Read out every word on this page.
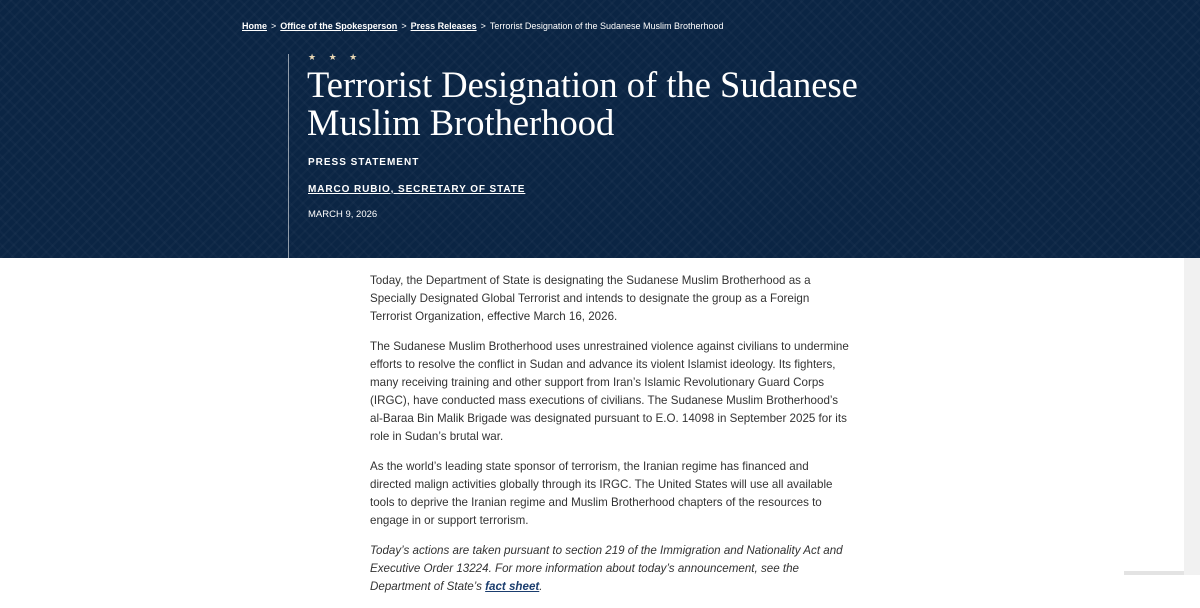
Home > Office of the Spokesperson > Press Releases > Terrorist Designation of the Sudanese Muslim Brotherhood
★ ★ ★
Terrorist Designation of the Sudanese Muslim Brotherhood
PRESS STATEMENT
MARCO RUBIO, SECRETARY OF STATE
MARCH 9, 2026

Today, the Department of State is designating the Sudanese Muslim Brotherhood as a Specially Designated Global Terrorist and intends to designate the group as a Foreign Terrorist Organization, effective March 16, 2026.

The Sudanese Muslim Brotherhood uses unrestrained violence against civilians to undermine efforts to resolve the conflict in Sudan and advance its violent Islamist ideology. Its fighters, many receiving training and other support from Iran’s Islamic Revolutionary Guard Corps (IRGC), have conducted mass executions of civilians. The Sudanese Muslim Brotherhood’s al-Baraa Bin Malik Brigade was designated pursuant to E.O. 14098 in September 2025 for its role in Sudan’s brutal war.

As the world’s leading state sponsor of terrorism, the Iranian regime has financed and directed malign activities globally through its IRGC. The United States will use all available tools to deprive the Iranian regime and Muslim Brotherhood chapters of the resources to engage in or support terrorism.

Today’s actions are taken pursuant to section 219 of the Immigration and Nationality Act and Executive Order 13224. For more information about today’s announcement, see the Department of State’s fact sheet.
